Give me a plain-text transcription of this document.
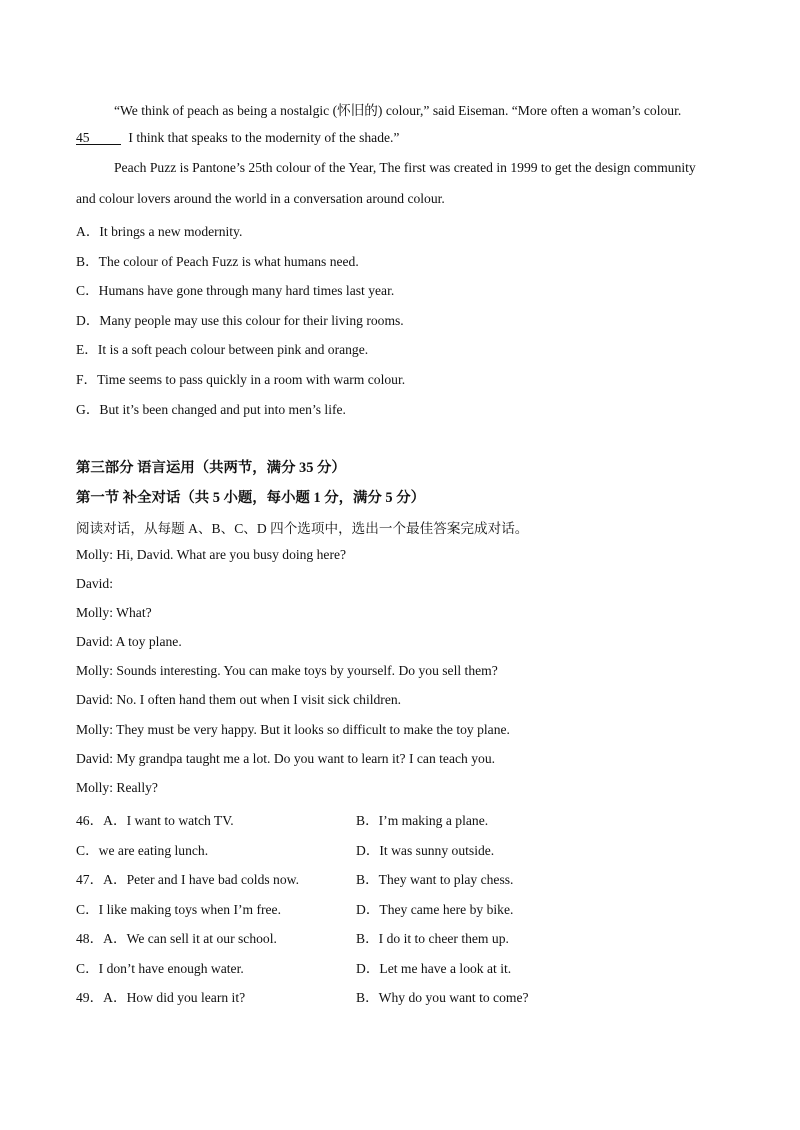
“We think of peach as being a nostalgic (怀旧的) colour,” said Eiseman. “More often a woman’s colour.
45	I think that speaks to the modernity of the shade.”
Peach Puzz is Pantone’s 25th colour of the Year, The first was created in 1999 to get the design community
and colour lovers around the world in a conversation around colour.
A．It brings a new modernity.
B．The colour of Peach Fuzz is what humans need.
C．Humans have gone through many hard times last year.
D．Many people may use this colour for their living rooms.
E．It is a soft peach colour between pink and orange.
F．Time seems to pass quickly in a room with warm colour.
G．But it’s been changed and put into men’s life.
第三部分 语言运用（共两节，满分 35 分）
第一节 补全对话（共 5 小题，每小题 1 分，满分 5 分）
阅读对话，从每题 A、B、C、D 四个选项中，选出一个最佳答案完成对话。
Molly: Hi, David. What are you busy doing here?
David:
Molly: What?
David: A toy plane.
Molly: Sounds interesting. You can make toys by yourself. Do you sell them?
David: No. I often hand them out when I visit sick children.
Molly: They must be very happy. But it looks so difficult to make the toy plane.
David: My grandpa taught me a lot. Do you want to learn it? I can teach you.
Molly: Really?
46．A．I want to watch TV.	B．I’m making a plane.
C．we are eating lunch.	D．It was sunny outside.
47．A．Peter and I have bad colds now.	B．They want to play chess.
C．I like making toys when I’m free.	D．They came here by bike.
48．A．We can sell it at our school.	B．I do it to cheer them up.
C．I don’t have enough water.	D．Let me have a look at it.
49．A．How did you learn it?	B．Why do you want to come?
